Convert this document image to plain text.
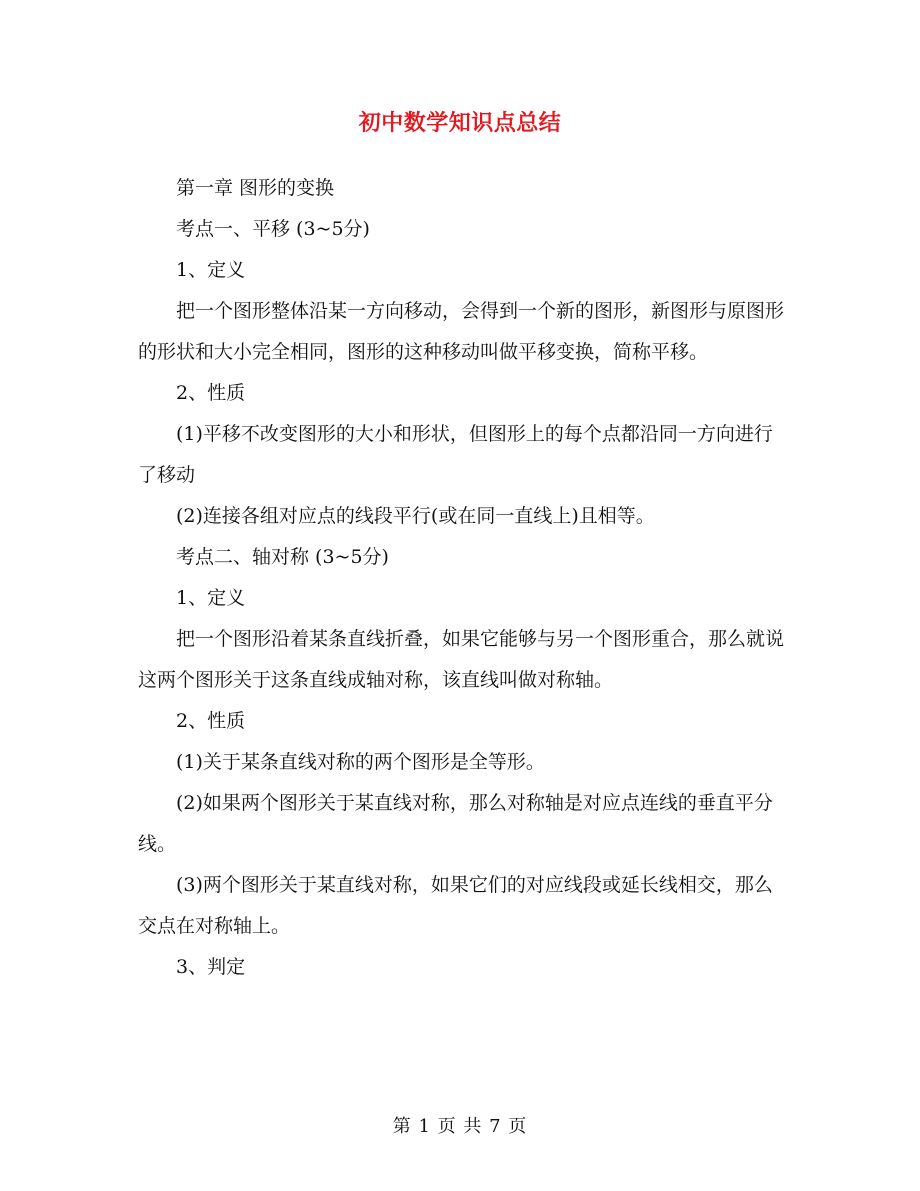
初中数学知识点总结

第一章 图形的变换

考点一、平移 (3~5分)

1、定义

把一个图形整体沿某一方向移动，会得到一个新的图形，新图形与原图形的形状和大小完全相同，图形的这种移动叫做平移变换，简称平移。

2、性质

(1)平移不改变图形的大小和形状，但图形上的每个点都沿同一方向进行了移动

(2)连接各组对应点的线段平行(或在同一直线上)且相等。

考点二、轴对称 (3~5分)

1、定义

把一个图形沿着某条直线折叠，如果它能够与另一个图形重合，那么就说这两个图形关于这条直线成轴对称，该直线叫做对称轴。

2、性质

(1)关于某条直线对称的两个图形是全等形。

(2)如果两个图形关于某直线对称，那么对称轴是对应点连线的垂直平分线。

(3)两个图形关于某直线对称，如果它们的对应线段或延长线相交，那么交点在对称轴上。

3、判定

第 1 页 共 7 页
